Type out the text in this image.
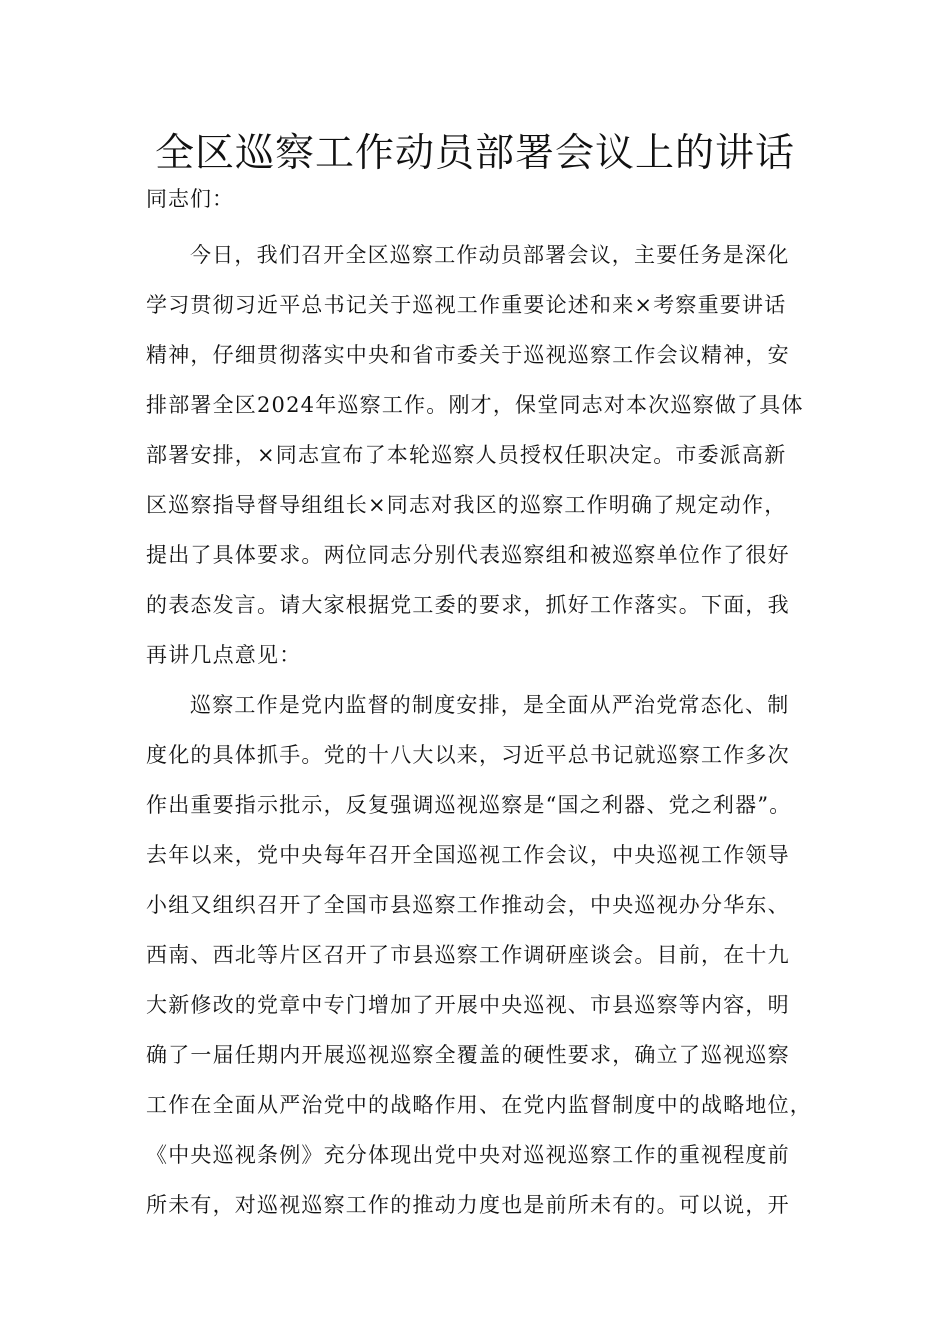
全区巡察工作动员部署会议上的讲话

同志们：

今日，我们召开全区巡察工作动员部署会议，主要任务是深化
学习贯彻习近平总书记关于巡视工作重要论述和来×考察重要讲话
精神，仔细贯彻落实中央和省市委关于巡视巡察工作会议精神，安
排部署全区2024年巡察工作。刚才，保堂同志对本次巡察做了具体
部署安排，×同志宣布了本轮巡察人员授权任职决定。市委派高新
区巡察指导督导组组长×同志对我区的巡察工作明确了规定动作，
提出了具体要求。两位同志分别代表巡察组和被巡察单位作了很好
的表态发言。请大家根据党工委的要求，抓好工作落实。下面，我
再讲几点意见：
巡察工作是党内监督的制度安排，是全面从严治党常态化、制
度化的具体抓手。党的十八大以来，习近平总书记就巡察工作多次
作出重要指示批示，反复强调巡视巡察是“国之利器、党之利器”。
去年以来，党中央每年召开全国巡视工作会议，中央巡视工作领导
小组又组织召开了全国市县巡察工作推动会，中央巡视办分华东、
西南、西北等片区召开了市县巡察工作调研座谈会。目前，在十九
大新修改的党章中专门增加了开展中央巡视、市县巡察等内容，明
确了一届任期内开展巡视巡察全覆盖的硬性要求，确立了巡视巡察
工作在全面从严治党中的战略作用、在党内监督制度中的战略地位，
《中央巡视条例》充分体现出党中央对巡视巡察工作的重视程度前
所未有，对巡视巡察工作的推动力度也是前所未有的。可以说，开
